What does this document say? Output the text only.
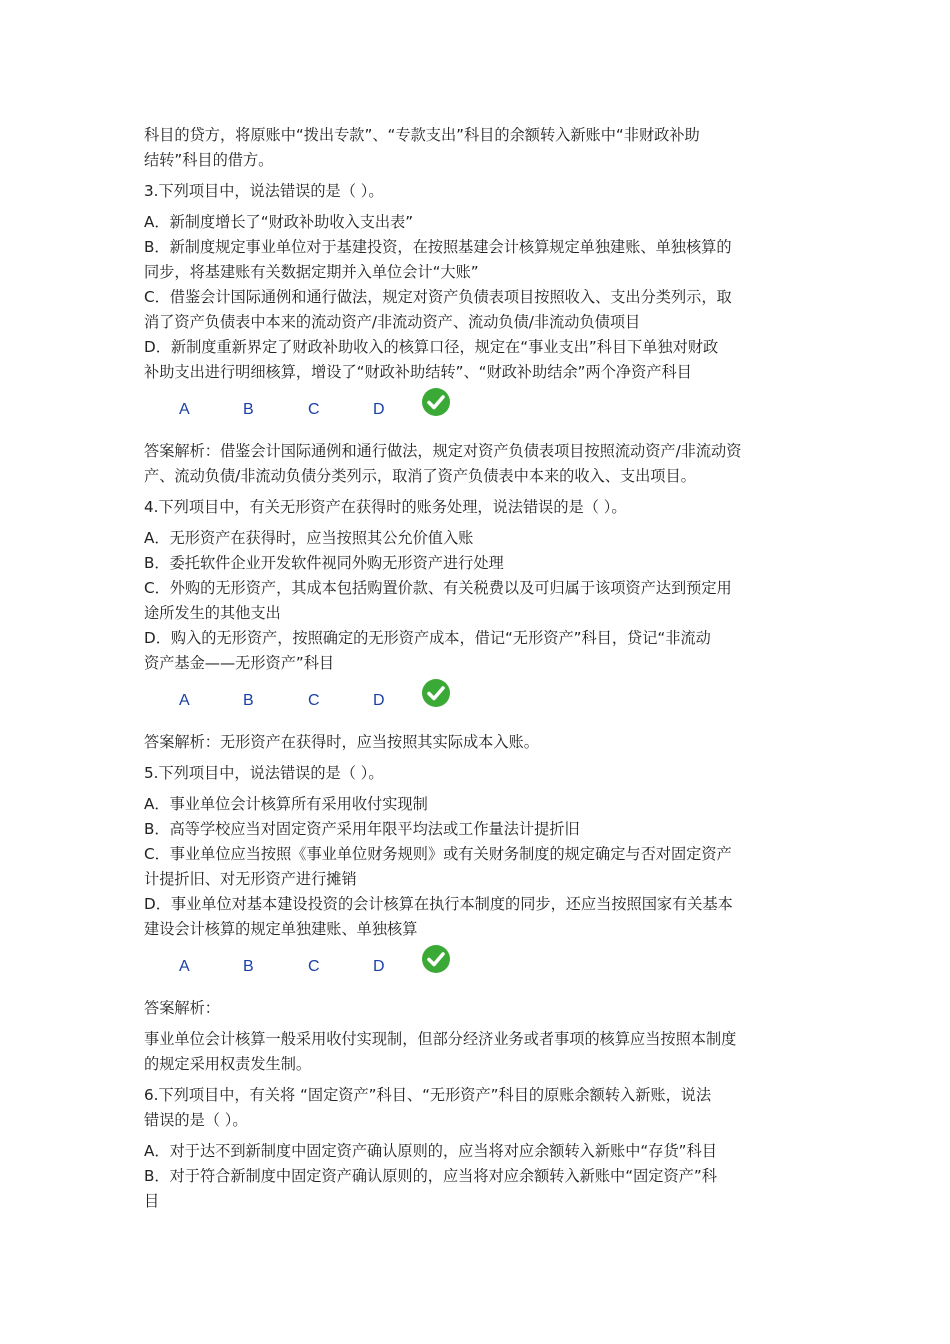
科目的贷方，将原账中“拨出专款”、“专款支出”科目的余额转入新账中“非财政补助

结转”科目的借方。

3.下列项目中，说法错误的是（ ）。

A．新制度增长了“财政补助收入支出表”

B．新制度规定事业单位对于基建投资，在按照基建会计核算规定单独建账、单独核算的

同步，将基建账有关数据定期并入单位会计“大账”

C．借鉴会计国际通例和通行做法，规定对资产负债表项目按照收入、支出分类列示，取

消了资产负债表中本来的流动资产/非流动资产、流动负债/非流动负债项目

D．新制度重新界定了财政补助收入的核算口径，规定在“事业支出”科目下单独对财政

补助支出进行明细核算，增设了“财政补助结转”、“财政补助结余”两个净资产科目

A	B	C	D

答案解析：借鉴会计国际通例和通行做法，规定对资产负债表项目按照流动资产/非流动资

产、流动负债/非流动负债分类列示，取消了资产负债表中本来的收入、支出项目。

4.下列项目中，有关无形资产在获得时的账务处理，说法错误的是（ ）。

A．无形资产在获得时，应当按照其公允价值入账

B．委托软件企业开发软件视同外购无形资产进行处理

C．外购的无形资产，其成本包括购置价款、有关税费以及可归属于该项资产达到预定用

途所发生的其他支出

D．购入的无形资产，按照确定的无形资产成本，借记“无形资产”科目，贷记“非流动

资产基金——无形资产”科目

A	B	C	D

答案解析：无形资产在获得时，应当按照其实际成本入账。

5.下列项目中，说法错误的是（ ）。

A．事业单位会计核算所有采用收付实现制

B．高等学校应当对固定资产采用年限平均法或工作量法计提折旧

C．事业单位应当按照《事业单位财务规则》或有关财务制度的规定确定与否对固定资产

计提折旧、对无形资产进行摊销

D．事业单位对基本建设投资的会计核算在执行本制度的同步，还应当按照国家有关基本

建设会计核算的规定单独建账、单独核算

A	B	C	D

答案解析：

事业单位会计核算一般采用收付实现制，但部分经济业务或者事项的核算应当按照本制度

的规定采用权责发生制。

6.下列项目中，有关将 “固定资产”科目、“无形资产”科目的原账余额转入新账，说法

错误的是（ ）。

A．对于达不到新制度中固定资产确认原则的，应当将对应余额转入新账中“存货”科目

B．对于符合新制度中固定资产确认原则的，应当将对应余额转入新账中“固定资产”科

目
